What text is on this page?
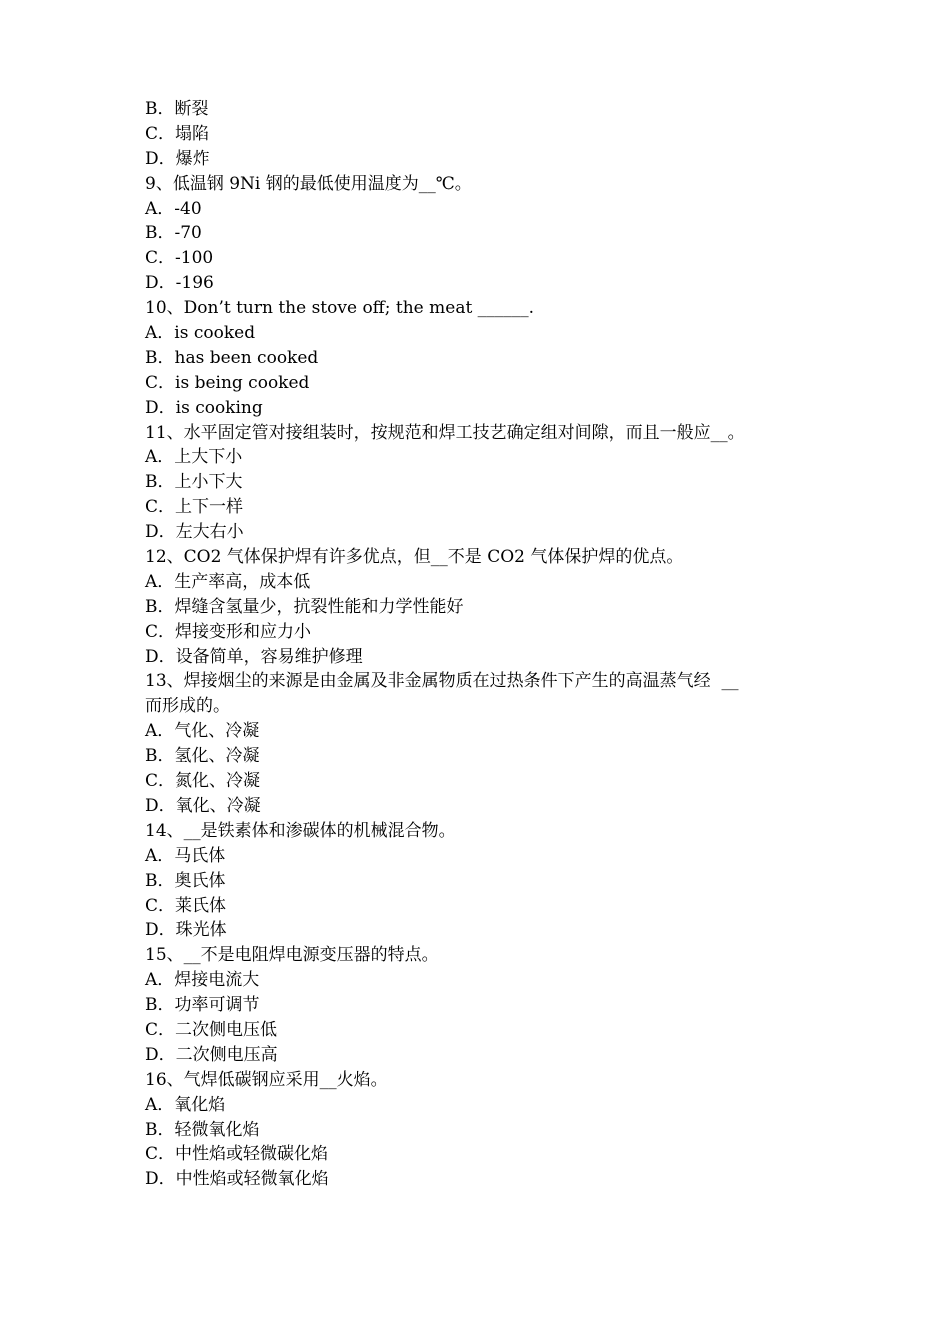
B．断裂
C．塌陷
D．爆炸
9、低温钢 9Ni 钢的最低使用温度为__℃。
A．-40
B．-70
C．-100
D．-196
10、Don’t turn the stove off; the meat ______.
A．is cooked
B．has been cooked
C．is being cooked
D．is cooking
11、水平固定管对接组装时，按规范和焊工技艺确定组对间隙，而且一般应__。
A．上大下小
B．上小下大
C．上下一样
D．左大右小
12、CO2 气体保护焊有许多优点，但__不是 CO2 气体保护焊的优点。
A．生产率高，成本低
B．焊缝含氢量少，抗裂性能和力学性能好
C．焊接变形和应力小
D．设备简单，容易维护修理
13、焊接烟尘的来源是由金属及非金属物质在过热条件下产生的高温蒸气经  __
而形成的。
A．气化、冷凝
B．氢化、冷凝
C．氮化、冷凝
D．氧化、冷凝
14、__是铁素体和渗碳体的机械混合物。
A．马氏体
B．奥氏体
C．莱氏体
D．珠光体
15、__不是电阻焊电源变压器的特点。
A．焊接电流大
B．功率可调节
C．二次侧电压低
D．二次侧电压高
16、气焊低碳钢应采用__火焰。
A．氧化焰
B．轻微氧化焰
C．中性焰或轻微碳化焰
D．中性焰或轻微氧化焰
